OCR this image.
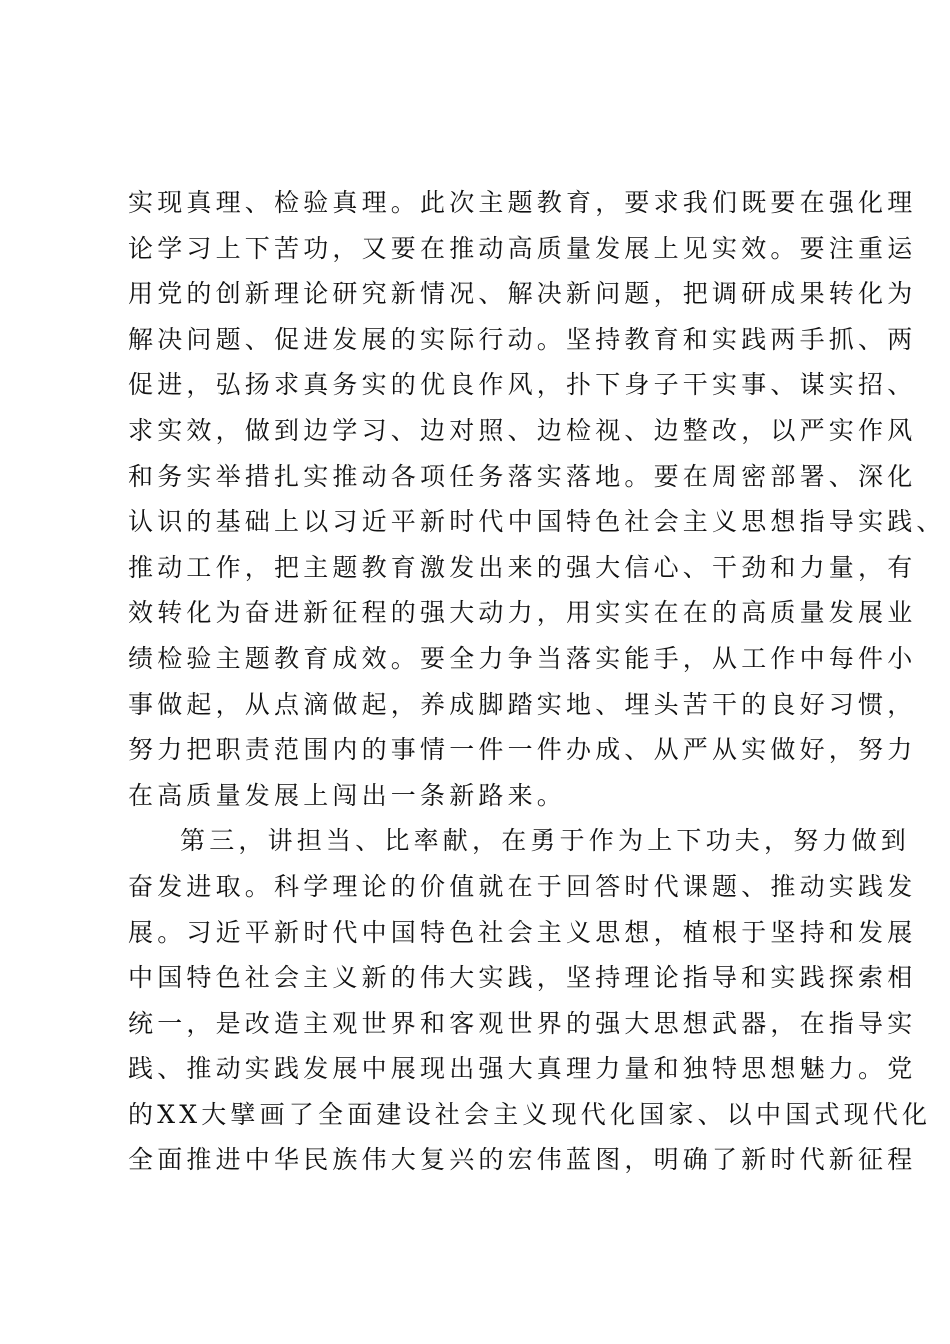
实现真理、检验真理。此次主题教育，要求我们既要在强化理
论学习上下苦功，又要在推动高质量发展上见实效。要注重运
用党的创新理论研究新情况、解决新问题，把调研成果转化为
解决问题、促进发展的实际行动。坚持教育和实践两手抓、两
促进，弘扬求真务实的优良作风，扑下身子干实事、谋实招、
求实效，做到边学习、边对照、边检视、边整改，以严实作风
和务实举措扎实推动各项任务落实落地。要在周密部署、深化
认识的基础上以习近平新时代中国特色社会主义思想指导实践、
推动工作，把主题教育激发出来的强大信心、干劲和力量，有
效转化为奋进新征程的强大动力，用实实在在的高质量发展业
绩检验主题教育成效。要全力争当落实能手，从工作中每件小
事做起，从点滴做起，养成脚踏实地、埋头苦干的良好习惯，
努力把职责范围内的事情一件一件办成、从严从实做好，努力
在高质量发展上闯出一条新路来。
第三，讲担当、比率献，在勇于作为上下功夫，努力做到
奋发进取。科学理论的价值就在于回答时代课题、推动实践发
展。习近平新时代中国特色社会主义思想，植根于坚持和发展
中国特色社会主义新的伟大实践，坚持理论指导和实践探索相
统一，是改造主观世界和客观世界的强大思想武器，在指导实
践、推动实践发展中展现出强大真理力量和独特思想魅力。党
的XX大擘画了全面建设社会主义现代化国家、以中国式现代化
全面推进中华民族伟大复兴的宏伟蓝图，明确了新时代新征程
